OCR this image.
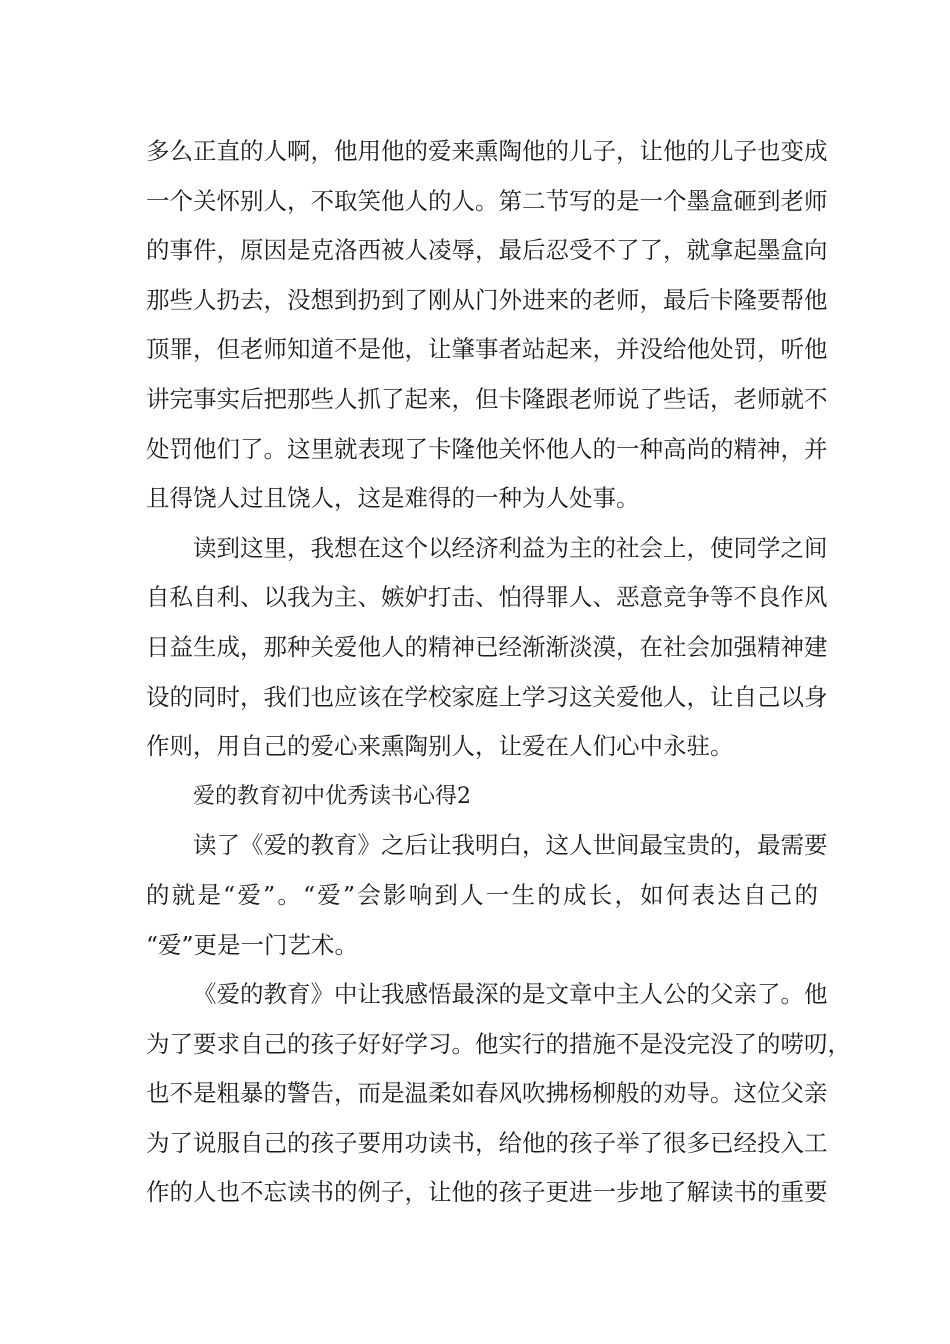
多么正直的人啊，他用他的爱来熏陶他的儿子，让他的儿子也变成
一个关怀别人，不取笑他人的人。第二节写的是一个墨盒砸到老师
的事件，原因是克洛西被人凌辱，最后忍受不了了，就拿起墨盒向
那些人扔去，没想到扔到了刚从门外进来的老师，最后卡隆要帮他
顶罪，但老师知道不是他，让肇事者站起来，并没给他处罚，听他
讲完事实后把那些人抓了起来，但卡隆跟老师说了些话，老师就不
处罚他们了。这里就表现了卡隆他关怀他人的一种高尚的精神，并
且得饶人过且饶人，这是难得的一种为人处事。
读到这里，我想在这个以经济利益为主的社会上，使同学之间
自私自利、以我为主、嫉妒打击、怕得罪人、恶意竞争等不良作风
日益生成，那种关爱他人的精神已经渐渐淡漠，在社会加强精神建
设的同时，我们也应该在学校家庭上学习这关爱他人，让自己以身
作则，用自己的爱心来熏陶别人，让爱在人们心中永驻。
爱的教育初中优秀读书心得2
读了《爱的教育》之后让我明白，这人世间最宝贵的，最需要
的就是“爱”。“爱”会影响到人一生的成长，如何表达自己的
“爱”更是一门艺术。
《爱的教育》中让我感悟最深的是文章中主人公的父亲了。他
为了要求自己的孩子好好学习。他实行的措施不是没完没了的唠叨，
也不是粗暴的警告，而是温柔如春风吹拂杨柳般的劝导。这位父亲
为了说服自己的孩子要用功读书，给他的孩子举了很多已经投入工
作的人也不忘读书的例子，让他的孩子更进一步地了解读书的重要
